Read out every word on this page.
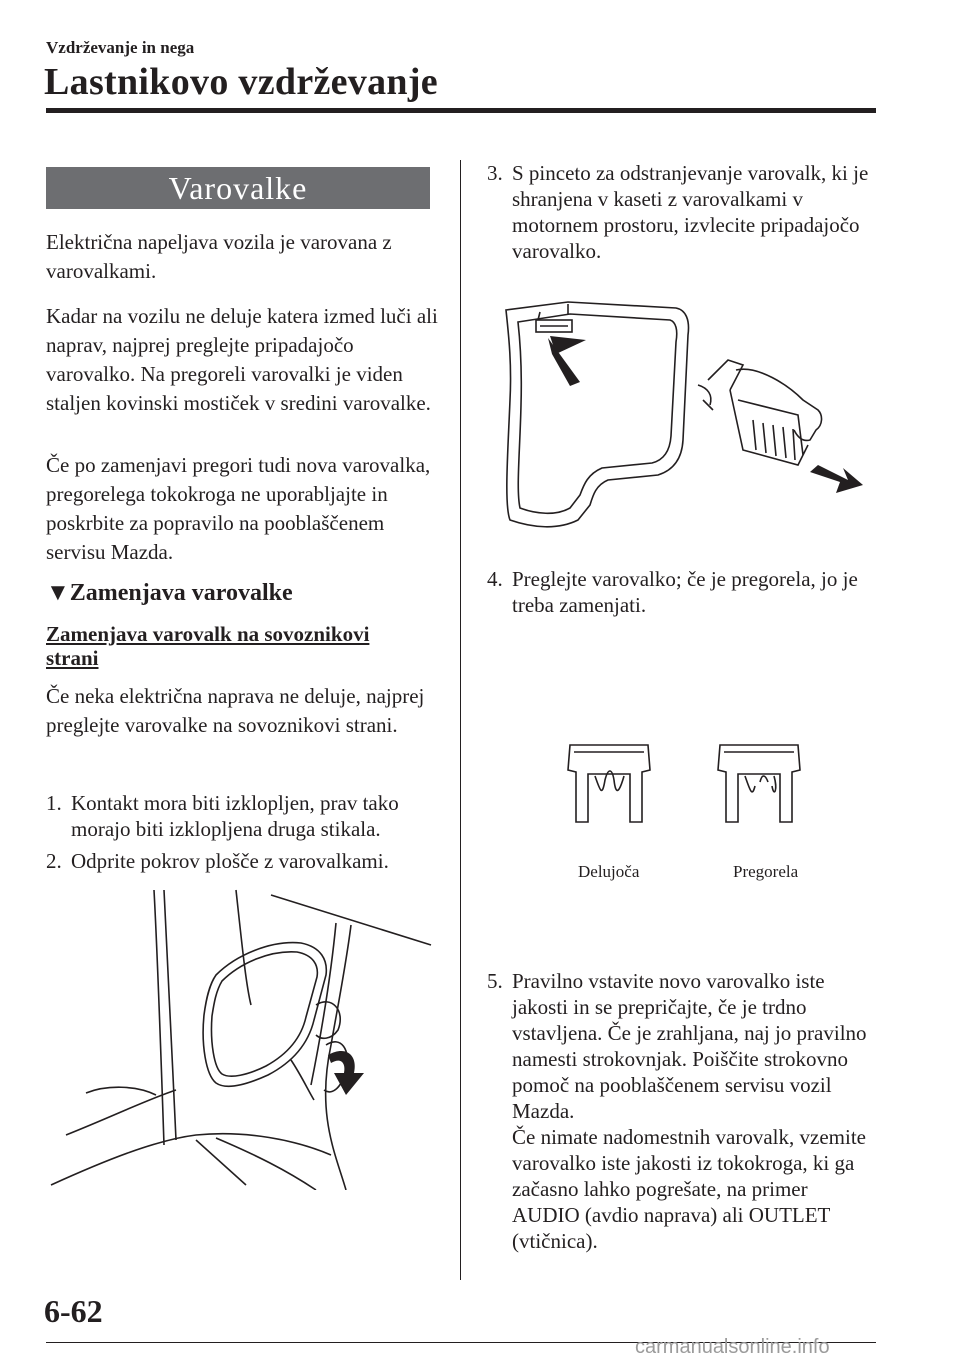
Vzdrževanje in nega
Lastnikovo vzdrževanje
Varovalke
Električna napeljava vozila je varovana z varovalkami.
Kadar na vozilu ne deluje katera izmed luči ali naprav, najprej preglejte pripadajočo varovalko. Na pregoreli varovalki je viden staljen kovinski mostiček v sredini varovalke.
Če po zamenjavi pregori tudi nova varovalka, pregorelega tokokroga ne uporabljajte in poskrbite za popravilo na pooblaščenem servisu Mazda.
▼Zamenjava varovalke
Zamenjava varovalk na sovoznikovi strani
Če neka električna naprava ne deluje, najprej preglejte varovalke na sovoznikovi strani.
1. Kontakt mora biti izklopljen, prav tako morajo biti izklopljena druga stikala.
2. Odprite pokrov plošče z varovalkami.
3. S pinceto za odstranjevanje varovalk, ki je shranjena v kaseti z varovalkami v motornem prostoru, izvlecite pripadajočo varovalko.
4. Preglejte varovalko; če je pregorela, jo je treba zamenjati.
Delujoča	Pregorela
5. Pravilno vstavite novo varovalko iste jakosti in se prepričajte, če je trdno vstavljena. Če je zrahljana, naj jo pravilno namesti strokovnjak. Poiščite strokovno pomoč na pooblaščenem servisu vozil Mazda.
Če nimate nadomestnih varovalk, vzemite varovalko iste jakosti iz tokokroga, ki ga začasno lahko pogrešate, na primer AUDIO (avdio naprava) ali OUTLET (vtičnica).
6-62
carmanualsonline.info
